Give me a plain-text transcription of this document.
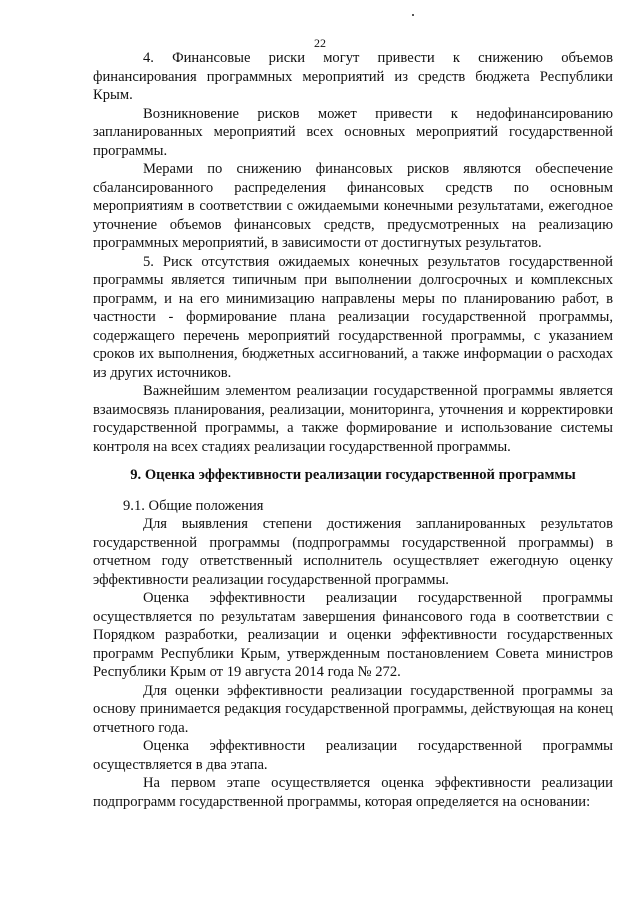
22

4. Финансовые риски могут привести к снижению объемов финансирования программных мероприятий из средств бюджета Республики Крым.

Возникновение рисков может привести к недофинансированию запланированных мероприятий всех основных мероприятий государственной программы.

Мерами по снижению финансовых рисков являются обеспечение сбалансированного распределения финансовых средств по основным мероприятиям в соответствии с ожидаемыми конечными результатами, ежегодное уточнение объемов финансовых средств, предусмотренных на реализацию программных мероприятий, в зависимости от достигнутых результатов.

5. Риск отсутствия ожидаемых конечных результатов государственной программы является типичным при выполнении долгосрочных и комплексных программ, и на его минимизацию направлены меры по планированию работ, в частности - формирование плана реализации государственной программы, содержащего перечень мероприятий государственной программы, с указанием сроков их выполнения, бюджетных ассигнований, а также информации о расходах из других источников.

Важнейшим элементом реализации государственной программы является взаимосвязь планирования, реализации, мониторинга, уточнения и корректировки государственной программы, а также формирование и использование системы контроля на всех стадиях реализации государственной программы.

9. Оценка эффективности реализации государственной программы

9.1. Общие положения

Для выявления степени достижения запланированных результатов государственной программы (подпрограммы государственной программы) в отчетном году ответственный исполнитель осуществляет ежегодную оценку эффективности реализации государственной программы.

Оценка эффективности реализации государственной программы осуществляется по результатам завершения финансового года в соответствии с Порядком разработки, реализации и оценки эффективности государственных программ Республики Крым, утвержденным постановлением Совета министров Республики Крым от 19 августа 2014 года № 272.

Для оценки эффективности реализации государственной программы за основу принимается редакция государственной программы, действующая на конец отчетного года.

Оценка эффективности реализации государственной программы осуществляется в два этапа.

На первом этапе осуществляется оценка эффективности реализации подпрограмм государственной программы, которая определяется на основании:
